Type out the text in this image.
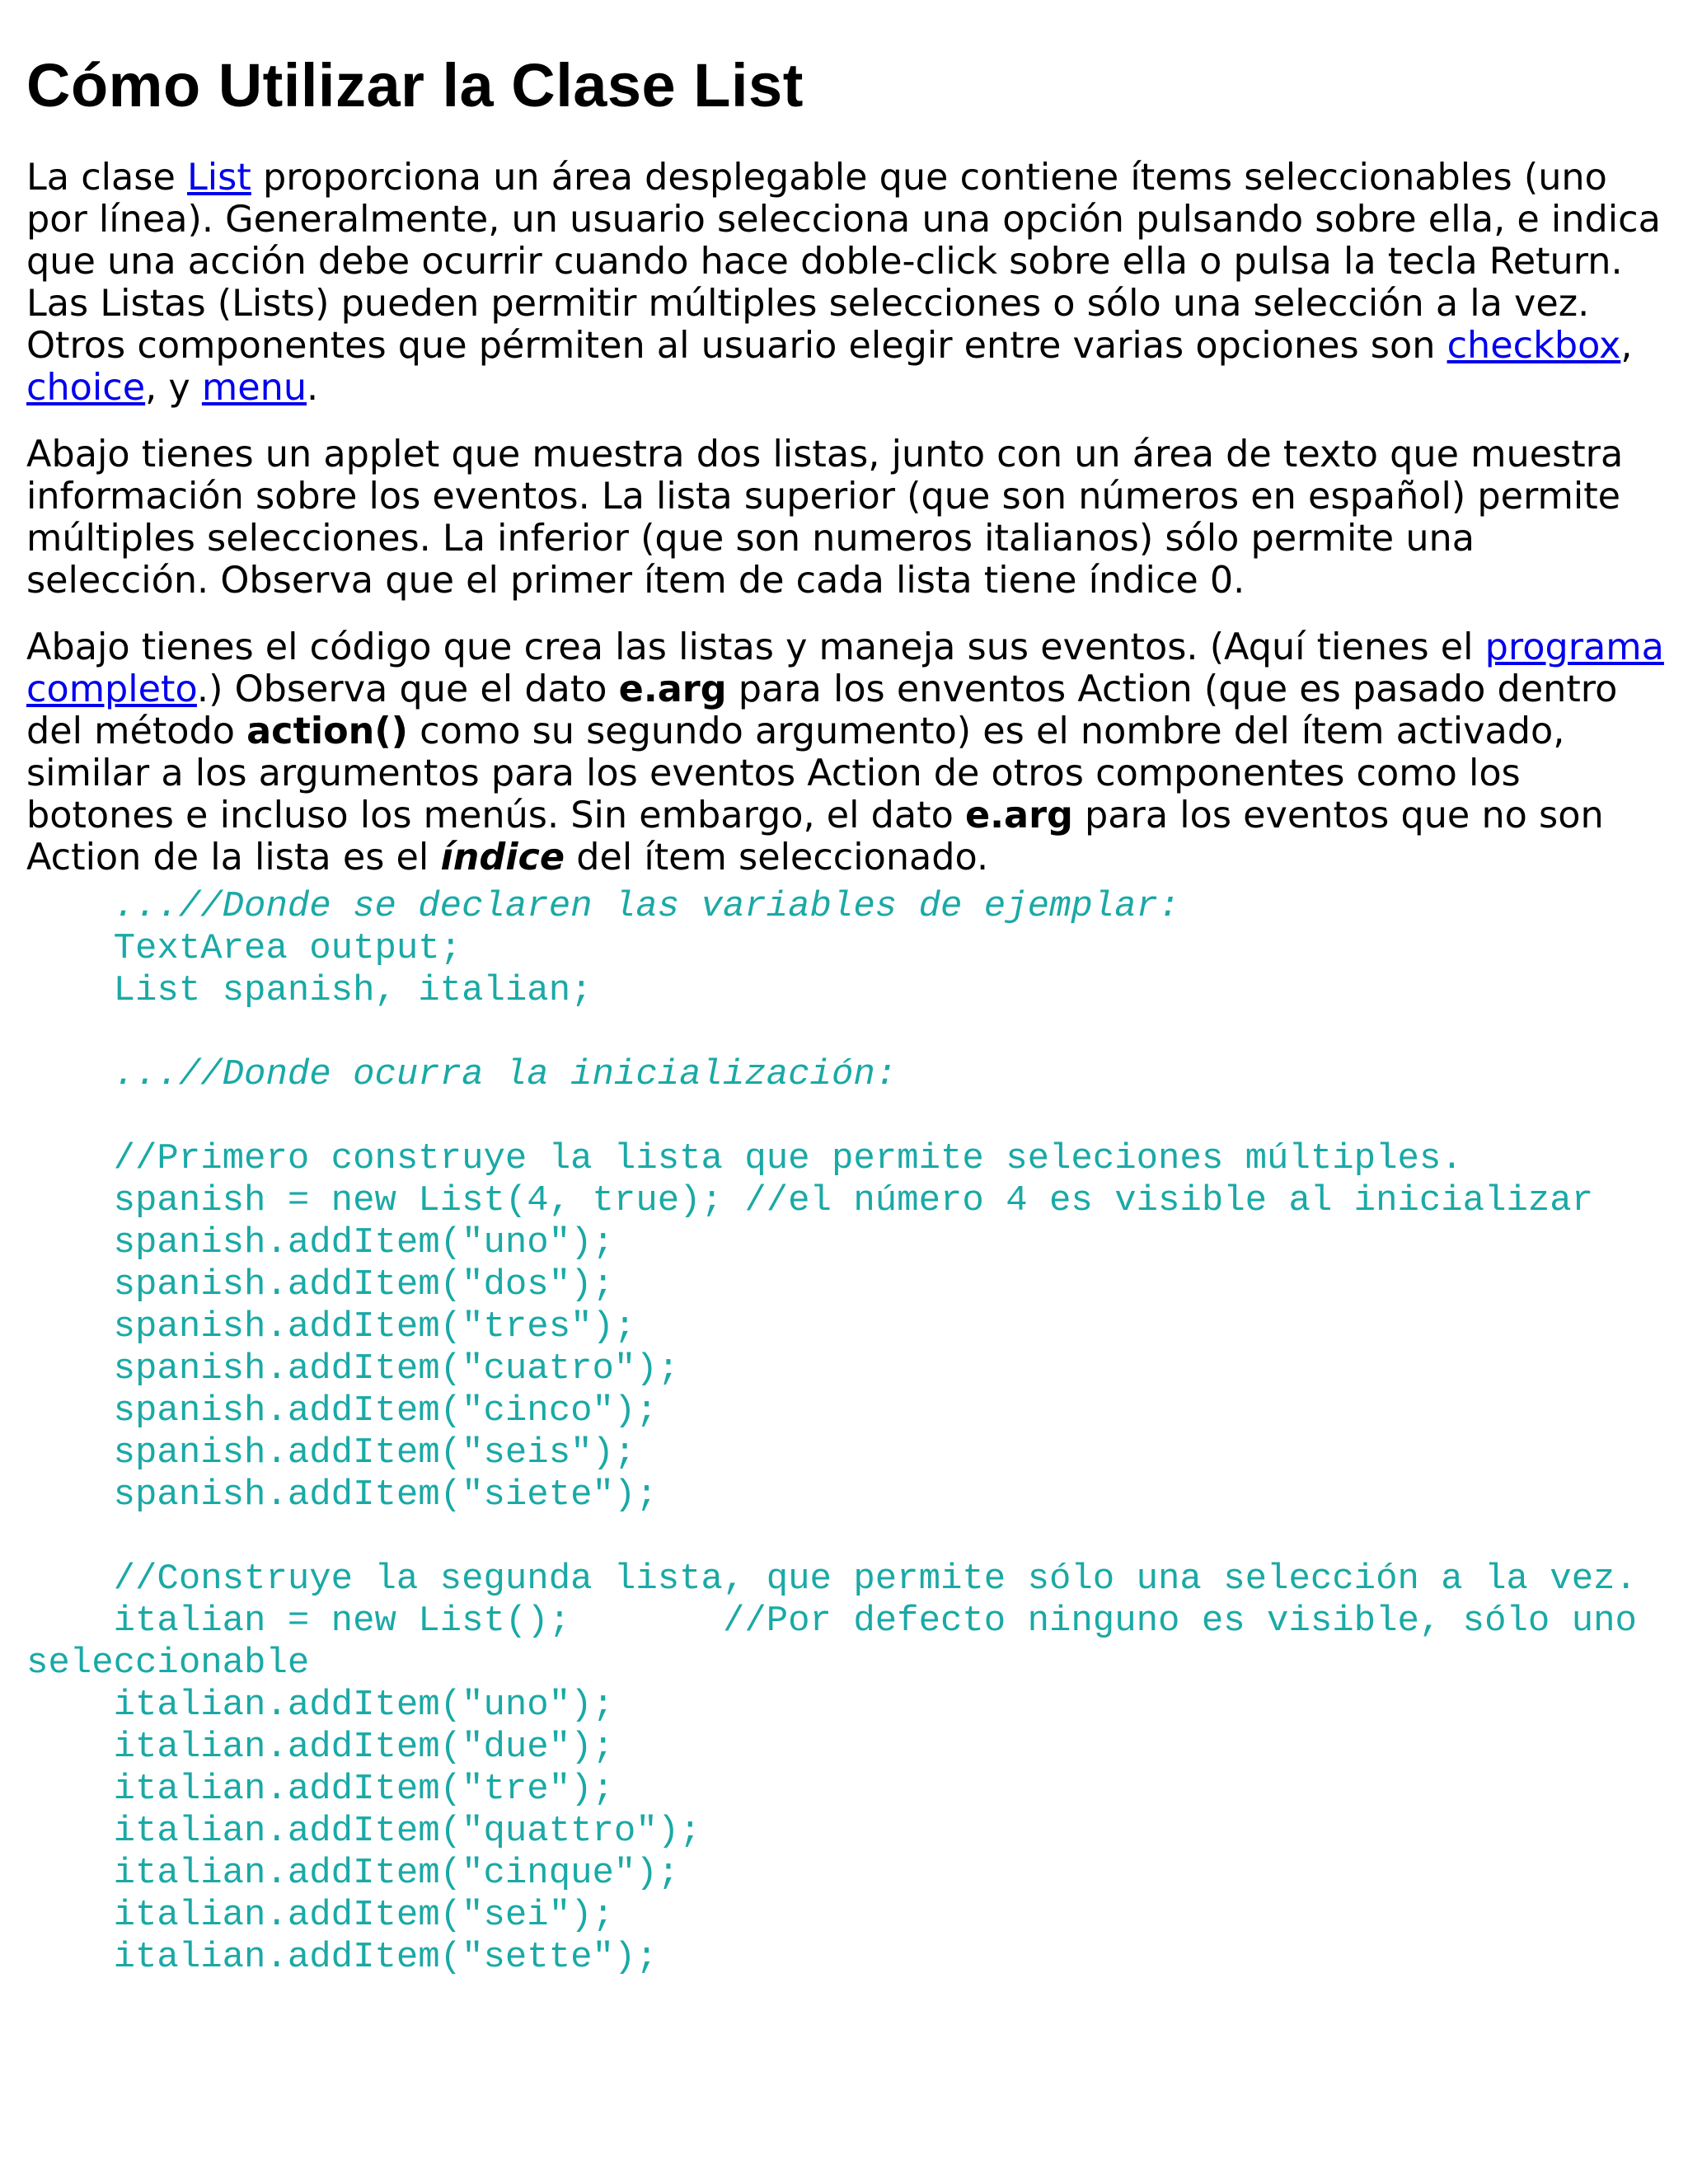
Cómo Utilizar la Clase List

La clase List proporciona un área desplegable que contiene ítems seleccionables (uno por línea). Generalmente, un usuario selecciona una opción pulsando sobre ella, e indica que una acción debe ocurrir cuando hace doble-click sobre ella o pulsa la tecla Return. Las Listas (Lists) pueden permitir múltiples selecciones o sólo una selección a la vez. Otros componentes que pérmiten al usuario elegir entre varias opciones son checkbox, choice, y menu.

Abajo tienes un applet que muestra dos listas, junto con un área de texto que muestra información sobre los eventos. La lista superior (que son números en español) permite múltiples selecciones. La inferior (que son numeros italianos) sólo permite una selección. Observa que el primer ítem de cada lista tiene índice 0.

Abajo tienes el código que crea las listas y maneja sus eventos. (Aquí tienes el programa completo.) Observa que el dato e.arg para los enventos Action (que es pasado dentro del método action() como su segundo argumento) es el nombre del ítem activado, similar a los argumentos para los eventos Action de otros componentes como los botones e incluso los menús. Sin embargo, el dato e.arg para los eventos que no son Action de la lista es el índice del ítem seleccionado.

...//Donde se declaren las variables de ejemplar:
TextArea output;
List spanish, italian;

...//Donde ocurra la inicialización:

//Primero construye la lista que permite seleciones múltiples.
spanish = new List(4, true); //el número 4 es visible al inicializar
spanish.addItem("uno");
spanish.addItem("dos");
spanish.addItem("tres");
spanish.addItem("cuatro");
spanish.addItem("cinco");
spanish.addItem("seis");
spanish.addItem("siete");

//Construye la segunda lista, que permite sólo una selección a la vez.
italian = new List();       //Por defecto ninguno es visible, sólo uno
seleccionable
italian.addItem("uno");
italian.addItem("due");
italian.addItem("tre");
italian.addItem("quattro");
italian.addItem("cinque");
italian.addItem("sei");
italian.addItem("sette");
